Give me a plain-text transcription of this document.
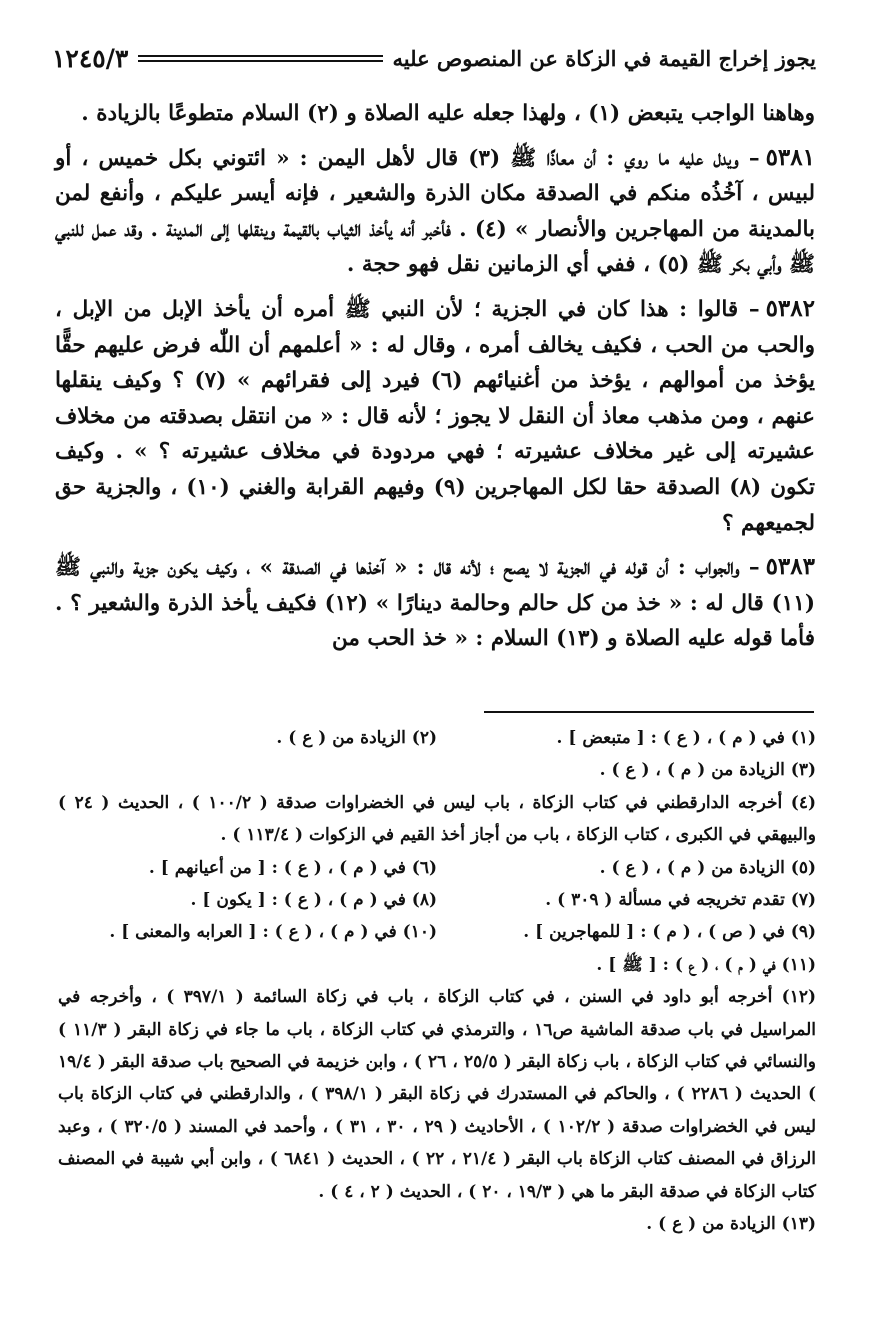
يجوز إخراج القيمة في الزكاة عن المنصوص عليه
١٢٤٥/٣

وهاهنا الواجب يتبعض (١) ، ولهذا جعله عليه الصلاة و (٢) السلام متطوعًا بالزيادة .

٥٣٨١– ويدل عليه ما روي : أن معاذًا ﷺ (٣) قال لأهل اليمن : « ائتوني بكل خميس ، أو لبيس ، آخُذُه منكم في الصدقة مكان الذرة والشعير ، فإنه أيسر عليكم ، وأنفع لمن بالمدينة من المهاجرين والأنصار » (٤) . فأخبر أنه يأخذ الثياب بالقيمة وينقلها إلى المدينة . وقد عمل للنبي ﷺ وأبي بكر ﷺ (٥) ، ففي أي الزمانين نقل فهو حجة .

٥٣٨٢– قالوا : هذا كان في الجزية ؛ لأن النبي ﷺ أمره أن يأخذ الإبل من الإبل ، والحب من الحب ، فكيف يخالف أمره ، وقال له : « أعلمهم أن اللّٰه فرض عليهم حقًّا يؤخذ من أموالهم ، يؤخذ من أغنيائهم (٦) فيرد إلى فقرائهم » (٧) ؟ وكيف ينقلها عنهم ، ومن مذهب معاذ أن النقل لا يجوز ؛ لأنه قال : « من انتقل بصدقته من مخلاف عشيرته إلى غير مخلاف عشيرته ؛ فهي مردودة في مخلاف عشيرته ؟ » . وكيف تكون (٨) الصدقة حقا لكل المهاجرين (٩) وفيهم القرابة والغني (١٠) ، والجزية حق لجميعهم ؟

٥٣٨٣– والجواب : أن قوله في الجزية لا يصح ؛ لأنه قال : « آخذها في الصدقة » ، وكيف يكون جزية والنبي ﷺ (١١) قال له : « خذ من كل حالم وحالمة دينارًا » (١٢) فكيف يأخذ الذرة والشعير ؟ . فأما قوله عليه الصلاة و (١٣) السلام : « خذ الحب من

(١) في ( م ) ، ( ع ) : [ متبعض ] .
(٢) الزيادة من ( ع ) .
(٣) الزيادة من ( م ) ، ( ع ) .
(٤) أخرجه الدارقطني في كتاب الزكاة ، باب ليس في الخضراوات صدقة ( ١٠٠/٢ ) ، الحديث ( ٢٤ ) والبيهقي في الكبرى ، كتاب الزكاة ، باب من أجاز أخذ القيم في الزكوات ( ١١٣/٤ ) .
(٥) الزيادة من ( م ) ، ( ع ) .
(٦) في ( م ) ، ( ع ) : [ من أعيانهم ] .
(٧) تقدم تخريجه في مسألة ( ٣٠٩ ) .
(٨) في ( م ) ، ( ع ) : [ يكون ] .
(٩) في ( ص ) ، ( م ) : [ للمهاجرين ] .
(١٠) في ( م ) ، ( ع ) : [ العرابه والمعنى ] .
(١١) في ( م ) ، ( ع ) : [ ﷺ ] .
(١٢) أخرجه أبو داود في السنن ، في كتاب الزكاة ، باب في زكاة السائمة ( ٣٩٧/١ ) ، وأخرجه في المراسيل في باب صدقة الماشية ص١٦ ، والترمذي في كتاب الزكاة ، باب ما جاء في زكاة البقر ( ١١/٣ ) والنسائي في كتاب الزكاة ، باب زكاة البقر ( ٢٥/٥ ، ٢٦ ) ، وابن خزيمة في الصحيح باب صدقة البقر ( ١٩/٤ ) الحديث ( ٢٢٨٦ ) ، والحاكم في المستدرك في زكاة البقر ( ٣٩٨/١ ) ، والدارقطني في كتاب الزكاة باب ليس في الخضراوات صدقة ( ١٠٢/٢ ) ، الأحاديث ( ٢٩ ، ٣٠ ، ٣١ ) ، وأحمد في المسند ( ٣٢٠/٥ ) ، وعبد الرزاق في المصنف كتاب الزكاة باب البقر ( ٢١/٤ ، ٢٢ ) ، الحديث ( ٦٨٤١ ) ، وابن أبي شيبة في المصنف كتاب الزكاة في صدقة البقر ما هي ( ١٩/٣ ، ٢٠ ) ، الحديث ( ٢ ، ٤ ) .
(١٣) الزيادة من ( ع ) .
